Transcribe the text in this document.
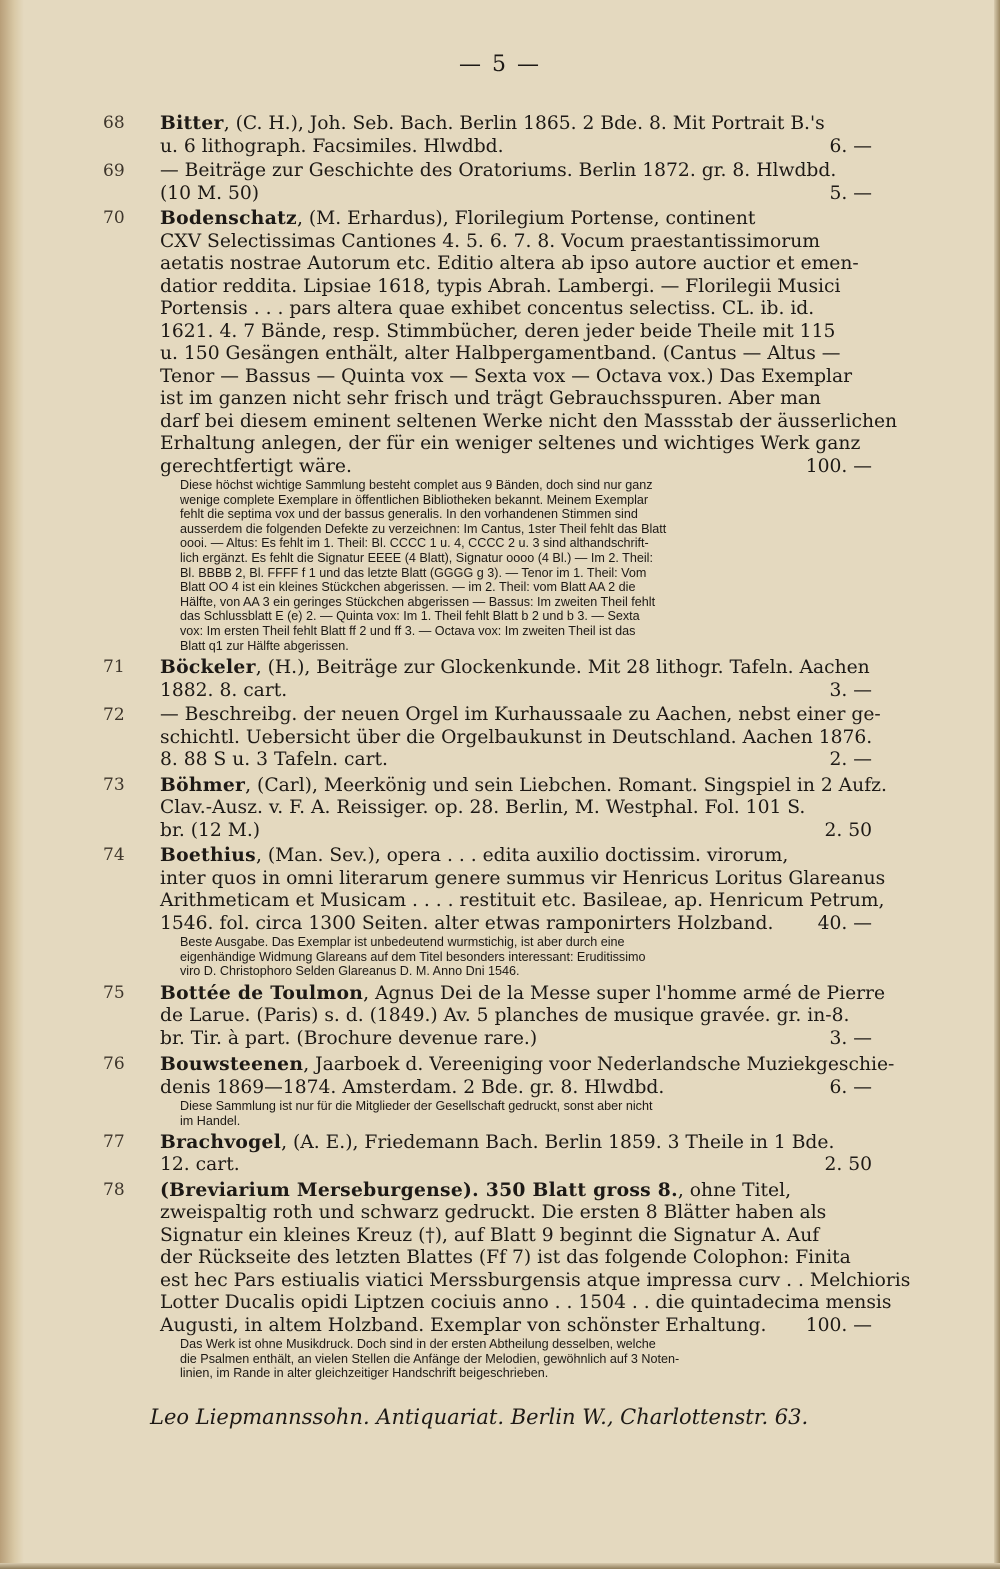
— 5 —
68 Bitter, (C. H.), Joh. Seb. Bach. Berlin 1865. 2 Bde. 8. Mit Portrait B.'s
u. 6 lithograph. Facsimiles. Hlwdbd.	6. —
69 — Beiträge zur Geschichte des Oratoriums. Berlin 1872. gr. 8. Hlwdbd.
(10 M. 50)	5. —
70 Bodenschatz, (M. Erhardus), Florilegium Portense, continent
CXV Selectissimas Cantiones 4. 5. 6. 7. 8. Vocum praestantissimorum
aetatis nostrae Autorum etc. Editio altera ab ipso autore auctior et emen-
datior reddita. Lipsiae 1618, typis Abrah. Lambergi. — Florilegii Musici
Portensis . . . pars altera quae exhibet concentus selectiss. CL. ib. id.
1621. 4. 7 Bände, resp. Stimmbücher, deren jeder beide Theile mit 115
u. 150 Gesängen enthält, alter Halbpergamentband. (Cantus — Altus —
Tenor — Bassus — Quinta vox — Sexta vox — Octava vox.) Das Exemplar
ist im ganzen nicht sehr frisch und trägt Gebrauchsspuren. Aber man
darf bei diesem eminent seltenen Werke nicht den Massstab der äusserlichen
Erhaltung anlegen, der für ein weniger seltenes und wichtiges Werk ganz
gerechtfertigt wäre.	100. —
Diese höchst wichtige Sammlung besteht complet aus 9 Bänden, doch sind nur ganz
wenige complete Exemplare in öffentlichen Bibliotheken bekannt. Meinem Exemplar
fehlt die septima vox und der bassus generalis. In den vorhandenen Stimmen sind
ausserdem die folgenden Defekte zu verzeichnen: Im Cantus, 1ster Theil fehlt das Blatt
oooi. — Altus: Es fehlt im 1. Theil: Bl. CCCC 1 u. 4, CCCC 2 u. 3 sind althandschrift-
lich ergänzt. Es fehlt die Signatur EEEE (4 Blatt), Signatur oooo (4 Bl.) — Im 2. Theil:
Bl. BBBB 2, Bl. FFFF f 1 und das letzte Blatt (GGGG g 3). — Tenor im 1. Theil: Vom
Blatt OO 4 ist ein kleines Stückchen abgerissen. — im 2. Theil: vom Blatt AA 2 die
Hälfte, von AA 3 ein geringes Stückchen abgerissen — Bassus: Im zweiten Theil fehlt
das Schlussblatt E (e) 2. — Quinta vox: Im 1. Theil fehlt Blatt b 2 und b 3. — Sexta
vox: Im ersten Theil fehlt Blatt ff 2 und ff 3. — Octava vox: Im zweiten Theil ist das
Blatt q1 zur Hälfte abgerissen.
71 Böckeler, (H.), Beiträge zur Glockenkunde. Mit 28 lithogr. Tafeln. Aachen
1882. 8. cart.	3. —
72 — Beschreibg. der neuen Orgel im Kurhaussaale zu Aachen, nebst einer ge-
schichtl. Uebersicht über die Orgelbaukunst in Deutschland. Aachen 1876.
8. 88 S u. 3 Tafeln. cart.	2. —
73 Böhmer, (Carl), Meerkönig und sein Liebchen. Romant. Singspiel in 2 Aufz.
Clav.-Ausz. v. F. A. Reissiger. op. 28. Berlin, M. Westphal. Fol. 101 S.
br. (12 M.)	2. 50
74 Boethius, (Man. Sev.), opera . . . edita auxilio doctissim. virorum,
inter quos in omni literarum genere summus vir Henricus Loritus Glareanus
Arithmeticam et Musicam . . . . restituit etc. Basileae, ap. Henricum Petrum,
1546. fol. circa 1300 Seiten. alter etwas ramponirters Holzband. 40. —
Beste Ausgabe. Das Exemplar ist unbedeutend wurmstichig, ist aber durch eine
eigenhändige Widmung Glareans auf dem Titel besonders interessant: Eruditissimo
viro D. Christophoro Selden Glareanus D. M. Anno Dni 1546.
75 Bottée de Toulmon, Agnus Dei de la Messe super l'homme armé de Pierre
de Larue. (Paris) s. d. (1849.) Av. 5 planches de musique gravée. gr. in-8.
br. Tir. à part. (Brochure devenue rare.)	3. —
76 Bouwsteenen, Jaarboek d. Vereeniging voor Nederlandsche Muziekgeschie-
denis 1869—1874. Amsterdam. 2 Bde. gr. 8. Hlwdbd.	6. —
Diese Sammlung ist nur für die Mitglieder der Gesellschaft gedruckt, sonst aber nicht
im Handel.
77 Brachvogel, (A. E.), Friedemann Bach. Berlin 1859. 3 Theile in 1 Bde.
12. cart.	2. 50
78 (Breviarium Merseburgense). 350 Blatt gross 8., ohne Titel,
zweispaltig roth und schwarz gedruckt. Die ersten 8 Blätter haben als
Signatur ein kleines Kreuz (†), auf Blatt 9 beginnt die Signatur A. Auf
der Rückseite des letzten Blattes (Ff 7) ist das folgende Colophon: Finita
est hec Pars estiualis viatici Merssburgensis atque impressa curv . . Melchioris
Lotter Ducalis opidi Liptzen cociuis anno . . 1504 . . die quintadecima mensis
Augusti, in altem Holzband. Exemplar von schönster Erhaltung. 100. —
Das Werk ist ohne Musikdruck. Doch sind in der ersten Abtheilung desselben, welche
die Psalmen enthält, an vielen Stellen die Anfänge der Melodien, gewöhnlich auf 3 Noten-
linien, im Rande in alter gleichzeitiger Handschrift beigeschrieben.
Leo Liepmannssohn. Antiquariat. Berlin W., Charlottenstr. 63.
